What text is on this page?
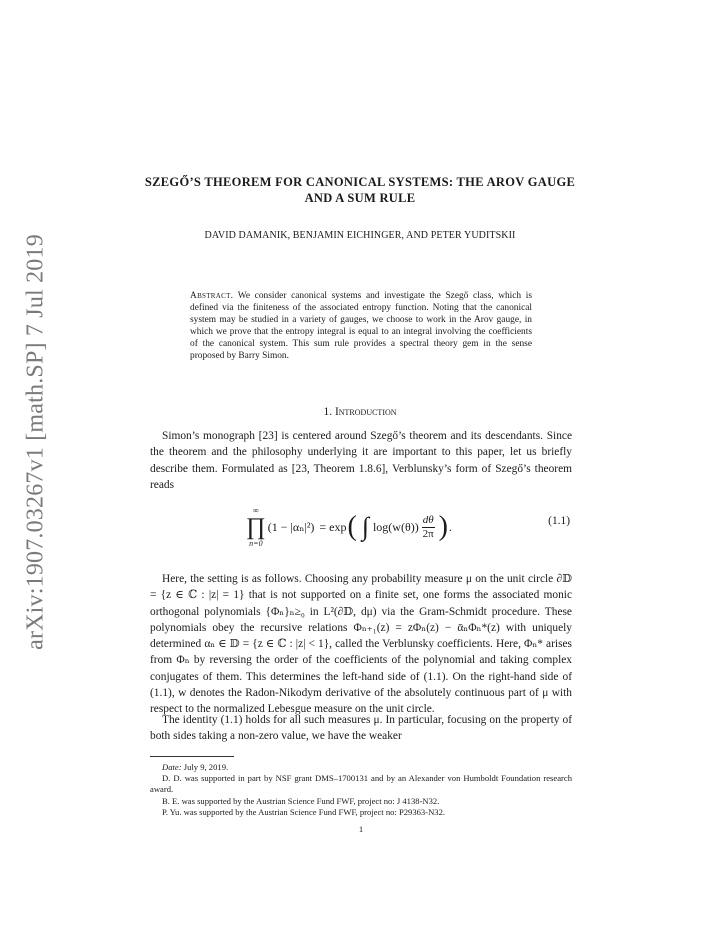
arXiv:1907.03267v1 [math.SP] 7 Jul 2019
SZEGŐ’S THEOREM FOR CANONICAL SYSTEMS: THE AROV GAUGE AND A SUM RULE
DAVID DAMANIK, BENJAMIN EICHINGER, AND PETER YUDITSKII
Abstract. We consider canonical systems and investigate the Szegő class, which is defined via the finiteness of the associated entropy function. Noting that the canonical system may be studied in a variety of gauges, we choose to work in the Arov gauge, in which we prove that the entropy integral is equal to an integral involving the coefficients of the canonical system. This sum rule provides a spectral theory gem in the sense proposed by Barry Simon.
1. Introduction

Simon’s monograph [23] is centered around Szegő’s theorem and its descendants. Since the theorem and the philosophy underlying it are important to this paper, let us briefly describe them. Formulated as [23, Theorem 1.8.6], Verblunsky’s form of Szegő’s theorem reads

∞
∏
n=0
(1 − |αₙ|²) = exp ( ∫ $\log(w(\theta)) \frac{d\theta}{2\pi}$ ) .	(1.1)

Here, the setting is as follows. Choosing any probability measure μ on the unit circle ∂𝔻 = {z ∈ ℂ : |z| = 1} that is not supported on a finite set, one forms the associated monic orthogonal polynomials {Φₙ}ₙ≥₀ in L²(∂𝔻, dμ) via the Gram-Schmidt procedure. These polynomials obey the recursive relations Φₙ₊₁(z) = zΦₙ(z) − ᾱₙΦₙ*(z) with uniquely determined αₙ ∈ 𝔻 = {z ∈ ℂ : |z| < 1}, called the Verblunsky coefficients. Here, Φₙ* arises from Φₙ by reversing the order of the coefficients of the polynomial and taking complex conjugates of them. This determines the left-hand side of (1.1). On the right-hand side of (1.1), w denotes the Radon-Nikodym derivative of the absolutely continuous part of μ with respect to the normalized Lebesgue measure on the unit circle.

The identity (1.1) holds for all such measures μ. In particular, focusing on the property of both sides taking a non-zero value, we have the weaker

Date: July 9, 2019.

D. D. was supported in part by NSF grant DMS–1700131 and by an Alexander von Humboldt Foundation research award.

B. E. was supported by the Austrian Science Fund FWF, project no: J 4138-N32.

P. Yu. was supported by the Austrian Science Fund FWF, project no: P29363-N32.

1
